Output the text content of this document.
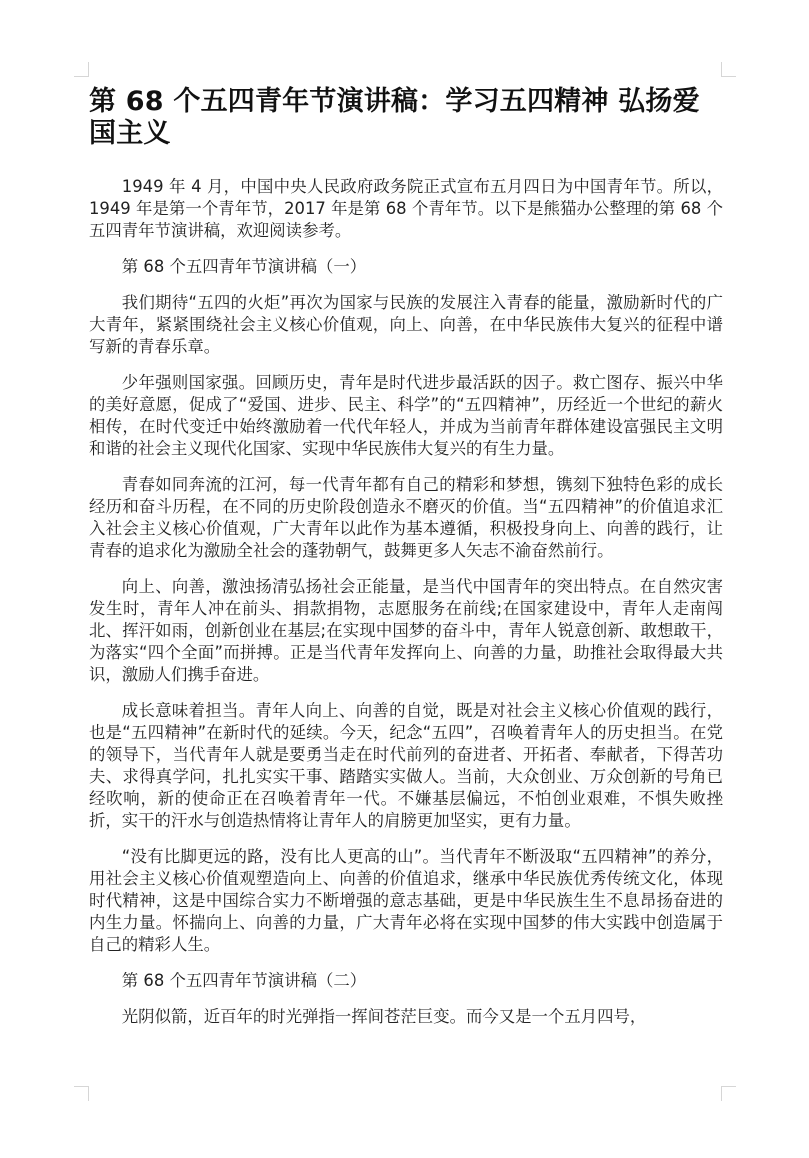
第 68 个五四青年节演讲稿：学习五四精神 弘扬爱国主义

1949 年 4 月，中国中央人民政府政务院正式宣布五月四日为中国青年节。所以，1949 年是第一个青年节，2017 年是第 68 个青年节。以下是熊猫办公整理的第 68 个五四青年节演讲稿，欢迎阅读参考。

第 68 个五四青年节演讲稿（一）

我们期待“五四的火炬”再次为国家与民族的发展注入青春的能量，激励新时代的广大青年，紧紧围绕社会主义核心价值观，向上、向善，在中华民族伟大复兴的征程中谱写新的青春乐章。

少年强则国家强。回顾历史，青年是时代进步最活跃的因子。救亡图存、振兴中华的美好意愿，促成了“爱国、进步、民主、科学”的“五四精神”，历经近一个世纪的薪火相传，在时代变迁中始终激励着一代代年轻人，并成为当前青年群体建设富强民主文明和谐的社会主义现代化国家、实现中华民族伟大复兴的有生力量。

青春如同奔流的江河，每一代青年都有自己的精彩和梦想，镌刻下独特色彩的成长经历和奋斗历程，在不同的历史阶段创造永不磨灭的价值。当“五四精神”的价值追求汇入社会主义核心价值观，广大青年以此作为基本遵循，积极投身向上、向善的践行，让青春的追求化为激励全社会的蓬勃朝气，鼓舞更多人矢志不渝奋然前行。

向上、向善，激浊扬清弘扬社会正能量，是当代中国青年的突出特点。在自然灾害发生时，青年人冲在前头、捐款捐物，志愿服务在前线;在国家建设中，青年人走南闯北、挥汗如雨，创新创业在基层;在实现中国梦的奋斗中，青年人锐意创新、敢想敢干，为落实“四个全面”而拼搏。正是当代青年发挥向上、向善的力量，助推社会取得最大共识，激励人们携手奋进。

成长意味着担当。青年人向上、向善的自觉，既是对社会主义核心价值观的践行，也是“五四精神”在新时代的延续。今天，纪念“五四”，召唤着青年人的历史担当。在党的领导下，当代青年人就是要勇当走在时代前列的奋进者、开拓者、奉献者，下得苦功夫、求得真学问，扎扎实实干事、踏踏实实做人。当前，大众创业、万众创新的号角已经吹响，新的使命正在召唤着青年一代。不嫌基层偏远，不怕创业艰难，不惧失败挫折，实干的汗水与创造热情将让青年人的肩膀更加坚实，更有力量。

“没有比脚更远的路，没有比人更高的山”。当代青年不断汲取“五四精神”的养分，用社会主义核心价值观塑造向上、向善的价值追求，继承中华民族优秀传统文化，体现时代精神，这是中国综合实力不断增强的意志基础，更是中华民族生生不息昂扬奋进的内生力量。怀揣向上、向善的力量，广大青年必将在实现中国梦的伟大实践中创造属于自己的精彩人生。

第 68 个五四青年节演讲稿（二）

光阴似箭，近百年的时光弹指一挥间苍茫巨变。而今又是一个五月四号，
